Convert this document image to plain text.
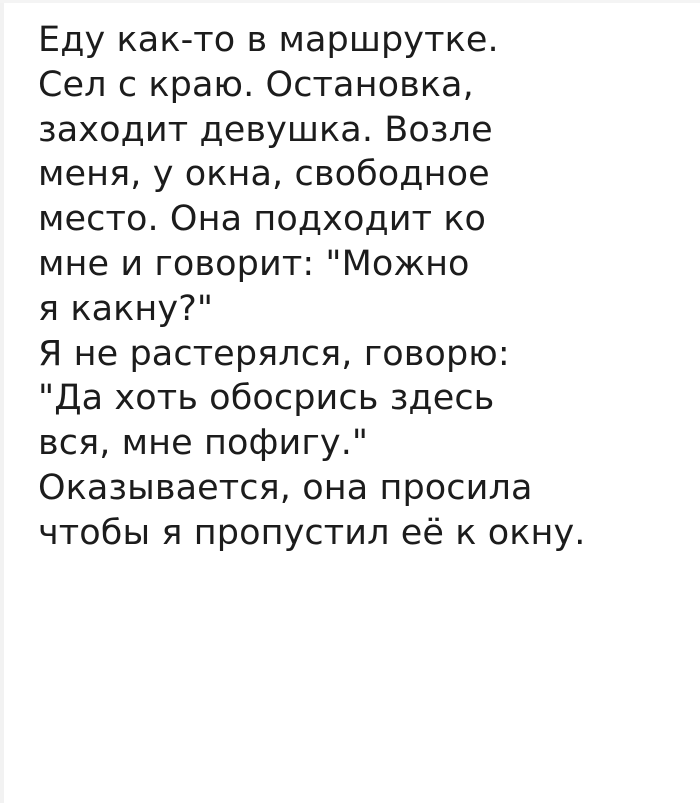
Еду как-то в маршрутке.
Сел с краю. Остановка,
заходит девушка. Возле
меня, у окна, свободное
место. Она подходит ко
мне и говорит: "Можно
я какну?"
Я не растерялся, говорю:
"Да хоть обосрись здесь
вся, мне пофигу."
Оказывается, она просила
чтобы я пропустил её к окну.
